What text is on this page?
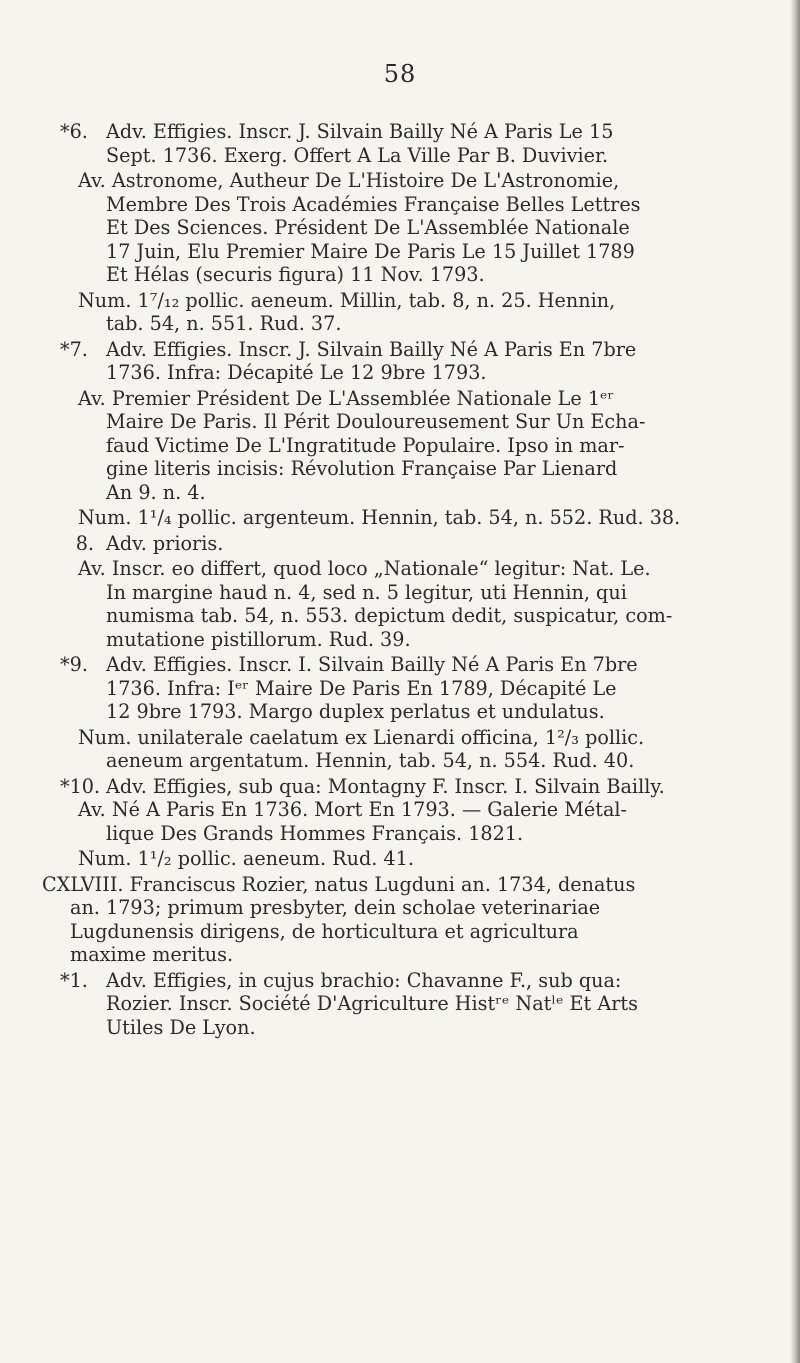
58
*6. Adv. Effigies. Inscr. J. Silvain Bailly Né A Paris Le 15
Sept. 1736. Exerg. Offert A La Ville Par B. Duvivier.
Av. Astronome, Autheur De L'Histoire De L'Astronomie,
Membre Des Trois Académies Française Belles Lettres
Et Des Sciences. Président De L'Assemblée Nationale
17 Juin, Elu Premier Maire De Paris Le 15 Juillet 1789
Et Hélas (securis figura) 11 Nov. 1793.
Num. 1⁷/₁₂ pollic. aeneum. Millin, tab. 8, n. 25. Hennin,
tab. 54, n. 551. Rud. 37.
*7. Adv. Effigies. Inscr. J. Silvain Bailly Né A Paris En 7bre
1736. Infra: Décapité Le 12 9bre 1793.
Av. Premier Président De L'Assemblée Nationale Le 1ᵉʳ
Maire De Paris. Il Périt Douloureusement Sur Un Echa-
faud Victime De L'Ingratitude Populaire. Ipso in mar-
gine literis incisis: Révolution Française Par Lienard
An 9. n. 4.
Num. 1¹/₄ pollic. argenteum. Hennin, tab. 54, n. 552. Rud. 38.
8. Adv. prioris.
Av. Inscr. eo differt, quod loco „Nationale“ legitur: Nat. Le.
In margine haud n. 4, sed n. 5 legitur, uti Hennin, qui
numisma tab. 54, n. 553. depictum dedit, suspicatur, com-
mutatione pistillorum. Rud. 39.
*9. Adv. Effigies. Inscr. I. Silvain Bailly Né A Paris En 7bre
1736. Infra: Iᵉʳ Maire De Paris En 1789, Décapité Le
12 9bre 1793. Margo duplex perlatus et undulatus.
Num. unilaterale caelatum ex Lienardi officina, 1²/₃ pollic.
aeneum argentatum. Hennin, tab. 54, n. 554. Rud. 40.
*10. Adv. Effigies, sub qua: Montagny F. Inscr. I. Silvain Bailly.
Av. Né A Paris En 1736. Mort En 1793. — Galerie Métal-
lique Des Grands Hommes Français. 1821.
Num. 1¹/₂ pollic. aeneum. Rud. 41.
CXLVIII. Franciscus Rozier, natus Lugduni an. 1734, denatus
an. 1793; primum presbyter, dein scholae veterinariae
Lugdunensis dirigens, de horticultura et agricultura
maxime meritus.
*1. Adv. Effigies, in cujus brachio: Chavanne F., sub qua:
Rozier. Inscr. Société D'Agriculture Histʳᵉ Natˡᵉ Et Arts
Utiles De Lyon.
